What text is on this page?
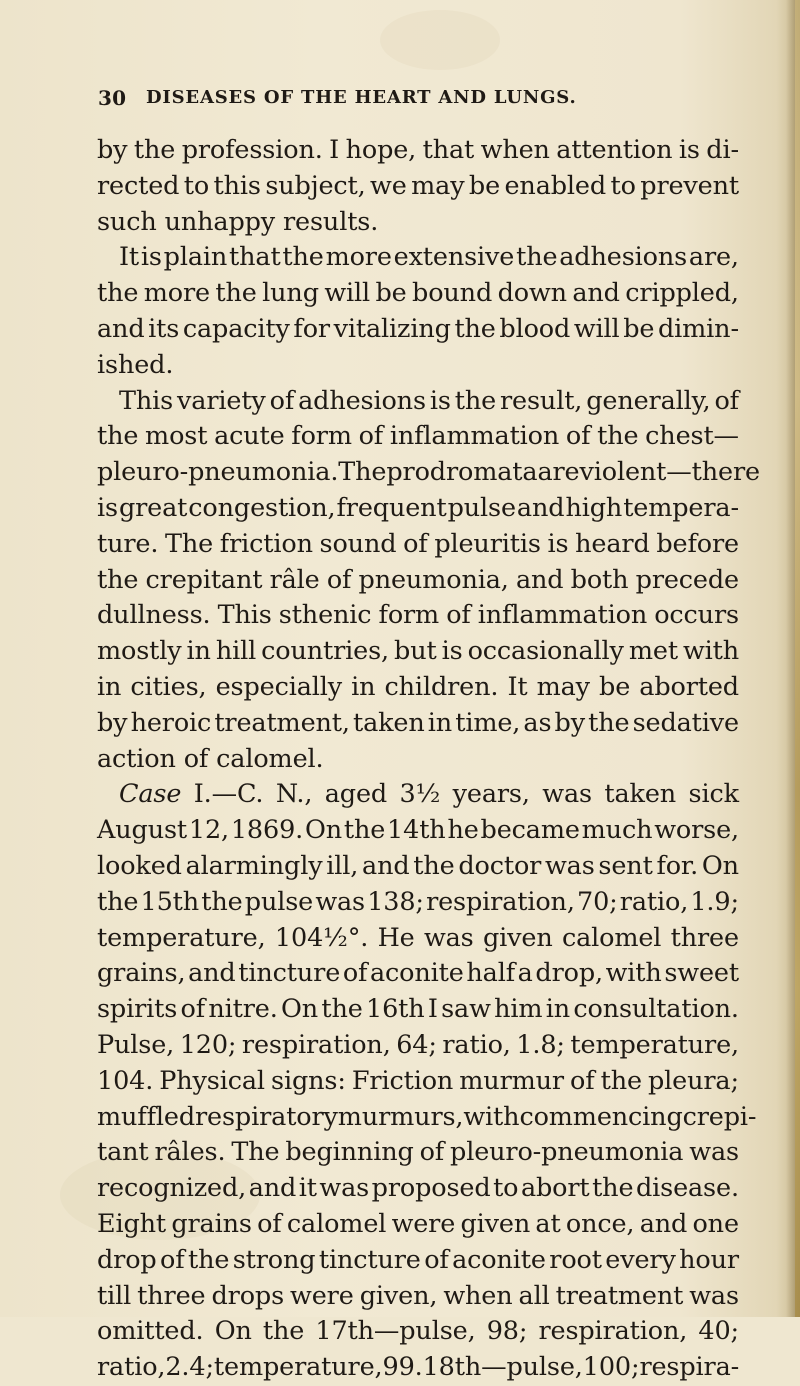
30 DISEASES OF THE HEART AND LUNGS.
by the profession. I hope, that when attention is di-
rected to this subject, we may be enabled to prevent
such unhappy results.
It is plain that the more extensive the adhesions are,
the more the lung will be bound down and crippled,
and its capacity for vitalizing the blood will be dimin-
ished.
This variety of adhesions is the result, generally, of
the most acute form of inflammation of the chest—
pleuro-pneumonia. The prodromata are violent—there
is great congestion, frequent pulse and high tempera-
ture. The friction sound of pleuritis is heard before
the crepitant râle of pneumonia, and both precede
dullness. This sthenic form of inflammation occurs
mostly in hill countries, but is occasionally met with
in cities, especially in children. It may be aborted
by heroic treatment, taken in time, as by the sedative
action of calomel.
Case I.—C. N., aged 3½ years, was taken sick
August 12, 1869. On the 14th he became much worse,
looked alarmingly ill, and the doctor was sent for. On
the 15th the pulse was 138; respiration, 70; ratio, 1.9;
temperature, 104½°. He was given calomel three
grains, and tincture of aconite half a drop, with sweet
spirits of nitre. On the 16th I saw him in consultation.
Pulse, 120; respiration, 64; ratio, 1.8; temperature,
104. Physical signs: Friction murmur of the pleura;
muffled respiratory murmurs, with commencing crepi-
tant râles. The beginning of pleuro-pneumonia was
recognized, and it was proposed to abort the disease.
Eight grains of calomel were given at once, and one
drop of the strong tincture of aconite root every hour
till three drops were given, when all treatment was
omitted. On the 17th—pulse, 98; respiration, 40;
ratio, 2.4; temperature, 99. 18th—pulse, 100; respira-
